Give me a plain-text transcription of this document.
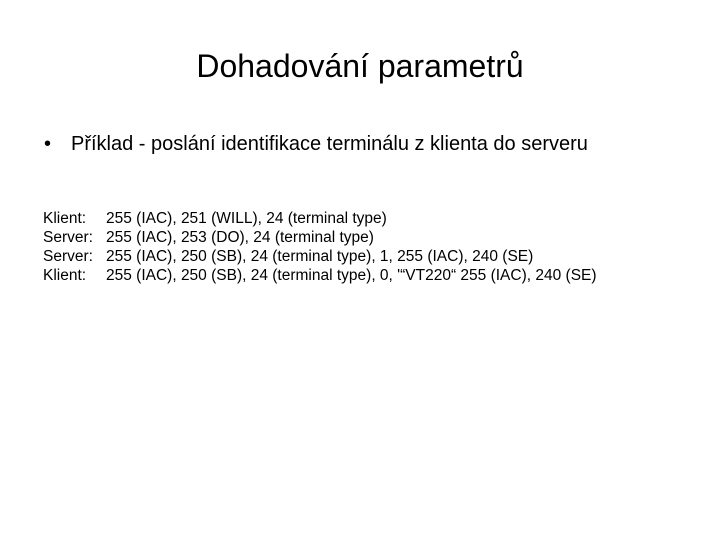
Dohadování parametrů
• Příklad - poslání identifikace terminálu z klienta do serveru
Klient: 255 (IAC), 251 (WILL), 24 (terminal type)
Server: 255 (IAC), 253 (DO), 24 (terminal type)
Server: 255 (IAC), 250 (SB), 24 (terminal type), 1, 255 (IAC), 240 (SE)
Klient: 255 (IAC), 250 (SB), 24 (terminal type), 0, '“VT220“ 255 (IAC), 240 (SE)
